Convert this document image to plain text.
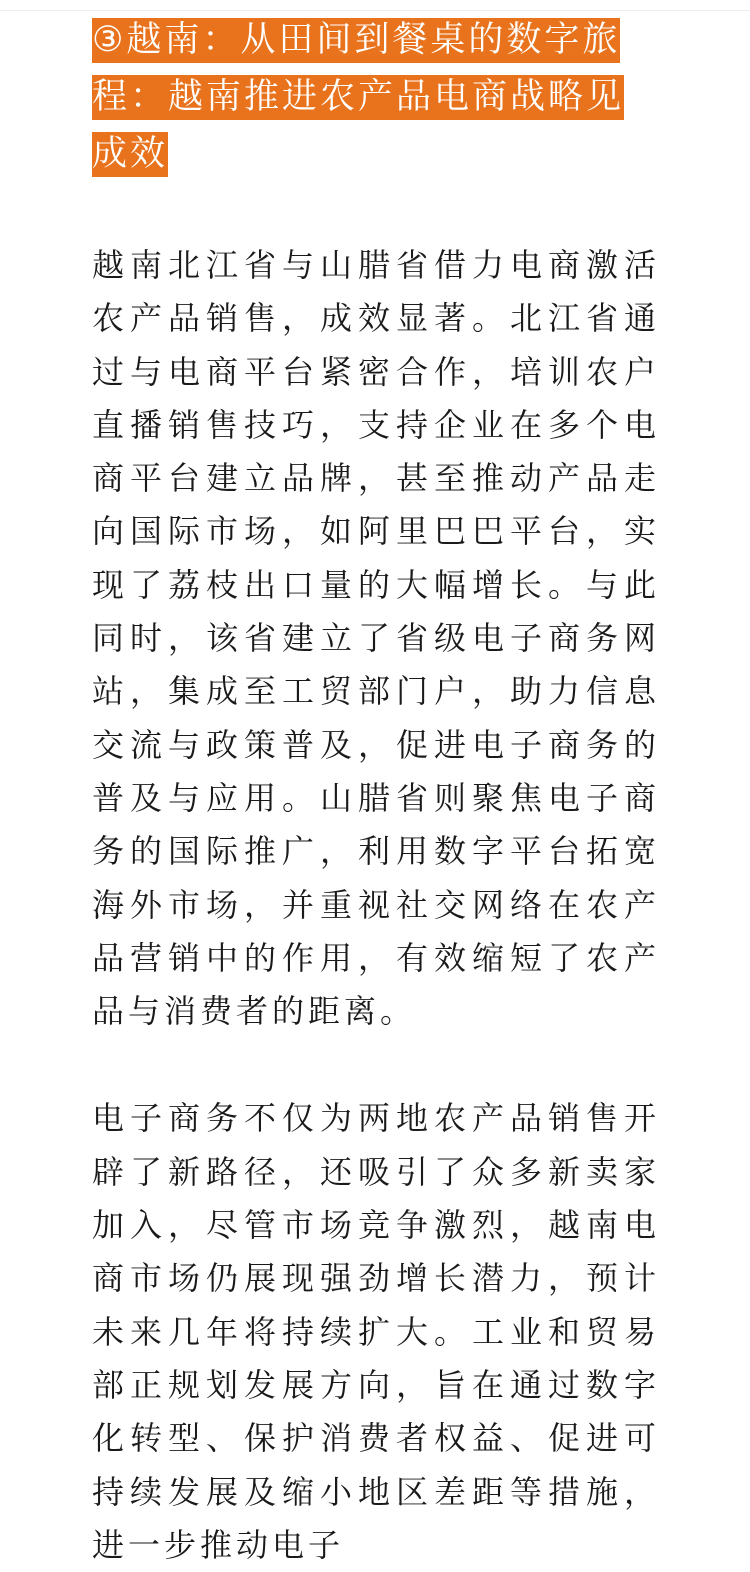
③越南：从田间到餐桌的数字旅程：越南推进农产品电商战略见成效

越南北江省与山腊省借力电商激活农产品销售，成效显著。北江省通过与电商平台紧密合作，培训农户直播销售技巧，支持企业在多个电商平台建立品牌，甚至推动产品走向国际市场，如阿里巴巴平台，实现了荔枝出口量的大幅增长。与此同时，该省建立了省级电子商务网站，集成至工贸部门户，助力信息交流与政策普及，促进电子商务的普及与应用。山腊省则聚焦电子商务的国际推广，利用数字平台拓宽海外市场，并重视社交网络在农产品营销中的作用，有效缩短了农产品与消费者的距离。

电子商务不仅为两地农产品销售开辟了新路径，还吸引了众多新卖家加入，尽管市场竞争激烈，越南电商市场仍展现强劲增长潜力，预计未来几年将持续扩大。工业和贸易部正规划发展方向，旨在通过数字化转型、保护消费者权益、促进可持续发展及缩小地区差距等措施，进一步推动电子
